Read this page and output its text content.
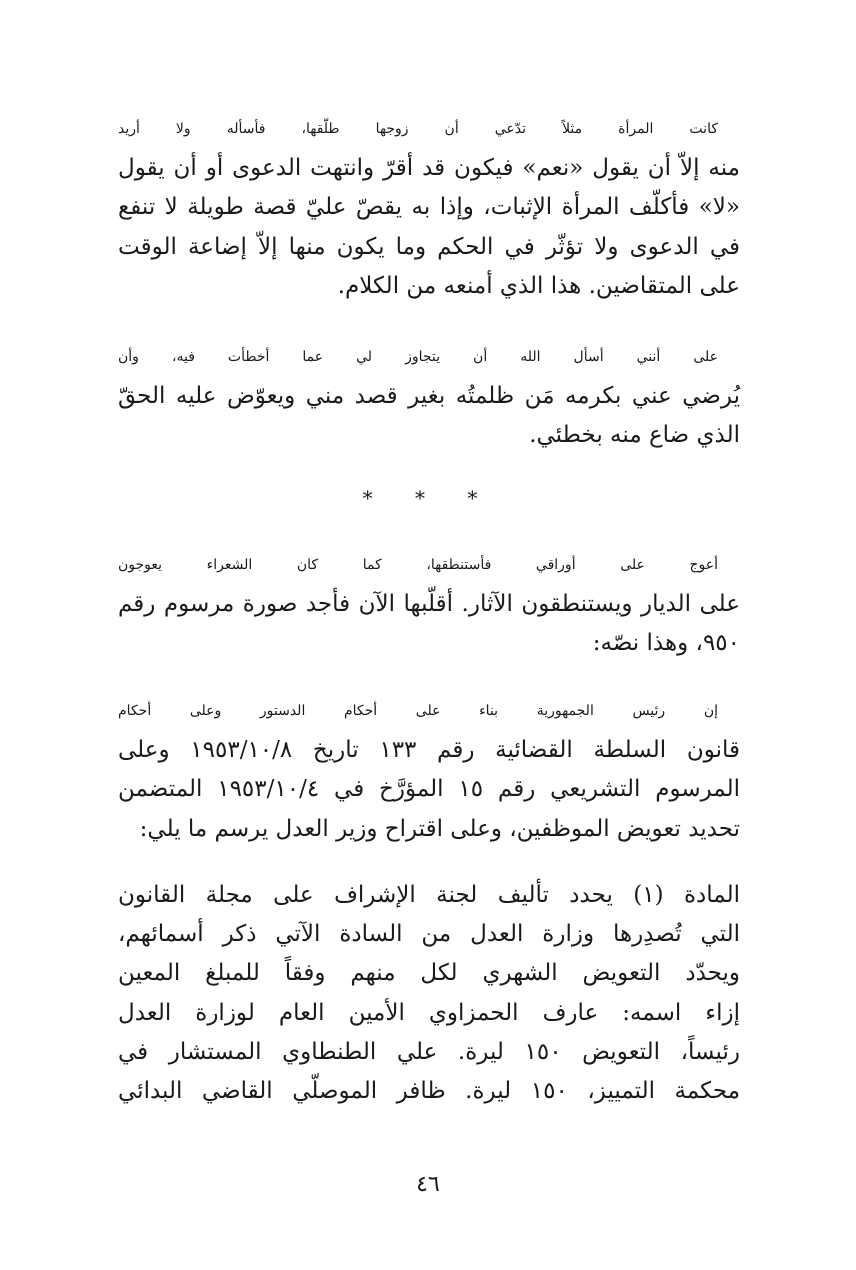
كانت المرأة مثلاً تدّعي أن زوجها طلّقها، فأسأله ولا أريد
منه إلاّ أن يقول «نعم» فيكون قد أقرّ وانتهت الدعوى أو أن يقول
«لا» فأكلّف المرأة الإثبات، وإذا به يقصّ عليّ قصة طويلة لا تنفع
في الدعوى ولا تؤثّر في الحكم وما يكون منها إلاّ إضاعة الوقت
على المتقاضين. هذا الذي أمنعه من الكلام.

على أنني أسأل الله أن يتجاوز لي عما أخطأت فيه، وأن
يُرضي عني بكرمه مَن ظلمتُه بغير قصد مني ويعوّض عليه الحقّ
الذي ضاع منه بخطئي.

* * *

أعوج على أوراقي فأستنطقها، كما كان الشعراء يعوجون
على الديار ويستنطقون الآثار. أقلّبها الآن فأجد صورة مرسوم رقم
٩٥٠، وهذا نصّه:

إن رئيس الجمهورية بناء على أحكام الدستور وعلى أحكام
قانون السلطة القضائية رقم ١٣٣ تاريخ ١٩٥٣/١٠/٨ وعلى
المرسوم التشريعي رقم ١٥ المؤرَّخ في ١٩٥٣/١٠/٤ المتضمن
تحديد تعويض الموظفين، وعلى اقتراح وزير العدل يرسم ما يلي:

المادة (١) يحدد تأليف لجنة الإشراف على مجلة القانون
التي تُصدِرها وزارة العدل من السادة الآتي ذكر أسمائهم،
ويحدّد التعويض الشهري لكل منهم وفقاً للمبلغ المعين
إزاء اسمه: عارف الحمزاوي الأمين العام لوزارة العدل
رئيساً، التعويض ١٥٠ ليرة. علي الطنطاوي المستشار في
محكمة التمييز، ١٥٠ ليرة. ظافر الموصلّي القاضي البدائي

٤٦
